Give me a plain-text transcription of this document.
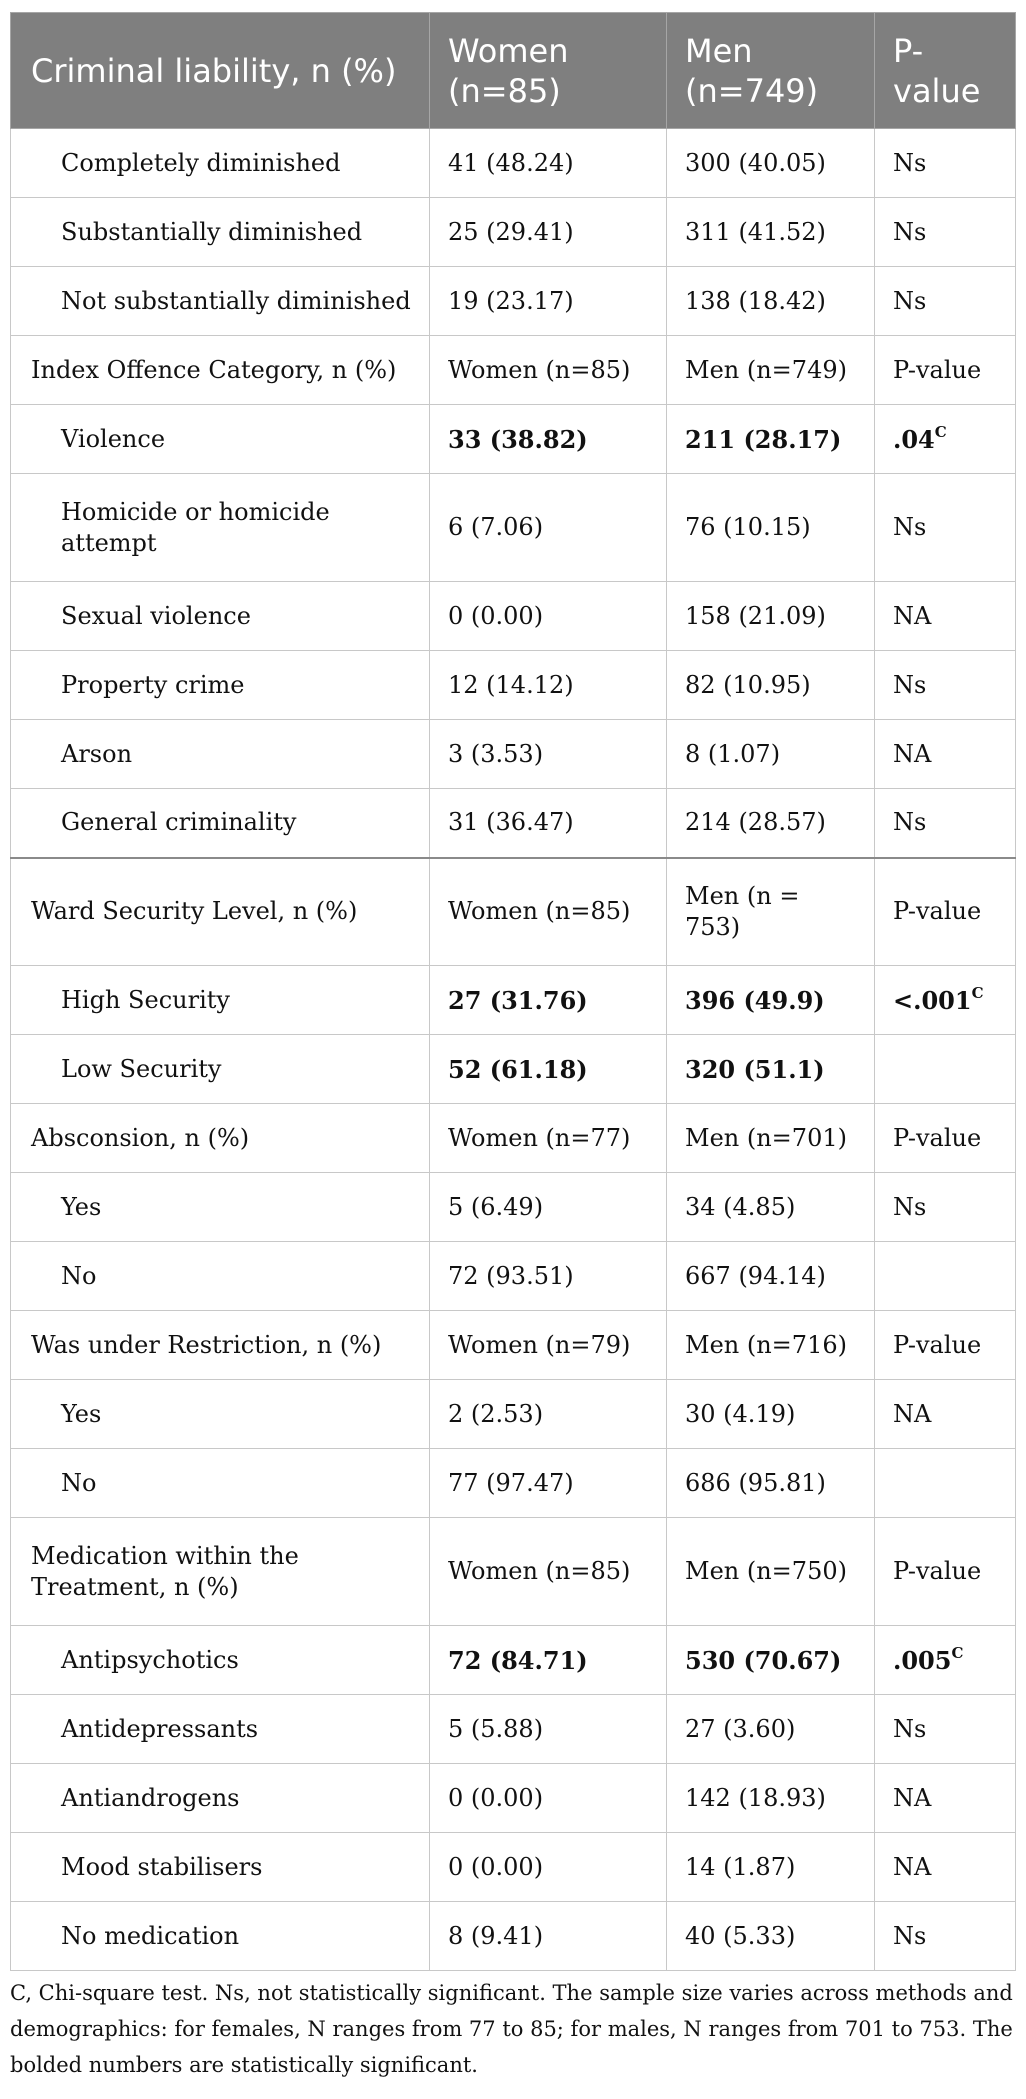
Criminal liability, n (%)	Women (n=85)	Men (n=749)	P-value
Completely diminished	41 (48.24)	300 (40.05)	Ns
Substantially diminished	25 (29.41)	311 (41.52)	Ns
Not substantially diminished	19 (23.17)	138 (18.42)	Ns
Index Offence Category, n (%)	Women (n=85)	Men (n=749)	P-value
Violence	33 (38.82)	211 (28.17)	$.04^C$
Homicide or homicide attempt	6 (7.06)	76 (10.15)	Ns
Sexual violence	0 (0.00)	158 (21.09)	NA
Property crime	12 (14.12)	82 (10.95)	Ns
Arson	3 (3.53)	8 (1.07)	NA
General criminality	31 (36.47)	214 (28.57)	Ns
Ward Security Level, n (%)	Women (n=85)	Men (n = 753)	P-value
High Security	27 (31.76)	396 (49.9)	$<.001^C$
Low Security	52 (61.18)	320 (51.1)	
Absconsion, n (%)	Women (n=77)	Men (n=701)	P-value
Yes	5 (6.49)	34 (4.85)	Ns
No	72 (93.51)	667 (94.14)	
Was under Restriction, n (%)	Women (n=79)	Men (n=716)	P-value
Yes	2 (2.53)	30 (4.19)	NA
No	77 (97.47)	686 (95.81)	
Medication within the Treatment, n (%)	Women (n=85)	Men (n=750)	P-value
Antipsychotics	72 (84.71)	530 (70.67)	$.005^C$
Antidepressants	5 (5.88)	27 (3.60)	Ns
Antiandrogens	0 (0.00)	142 (18.93)	NA
Mood stabilisers	0 (0.00)	14 (1.87)	NA
No medication	8 (9.41)	40 (5.33)	Ns
C, Chi-square test. Ns, not statistically significant. The sample size varies across methods and demographics: for females, N ranges from 77 to 85; for males, N ranges from 701 to 753. The bolded numbers are statistically significant.
